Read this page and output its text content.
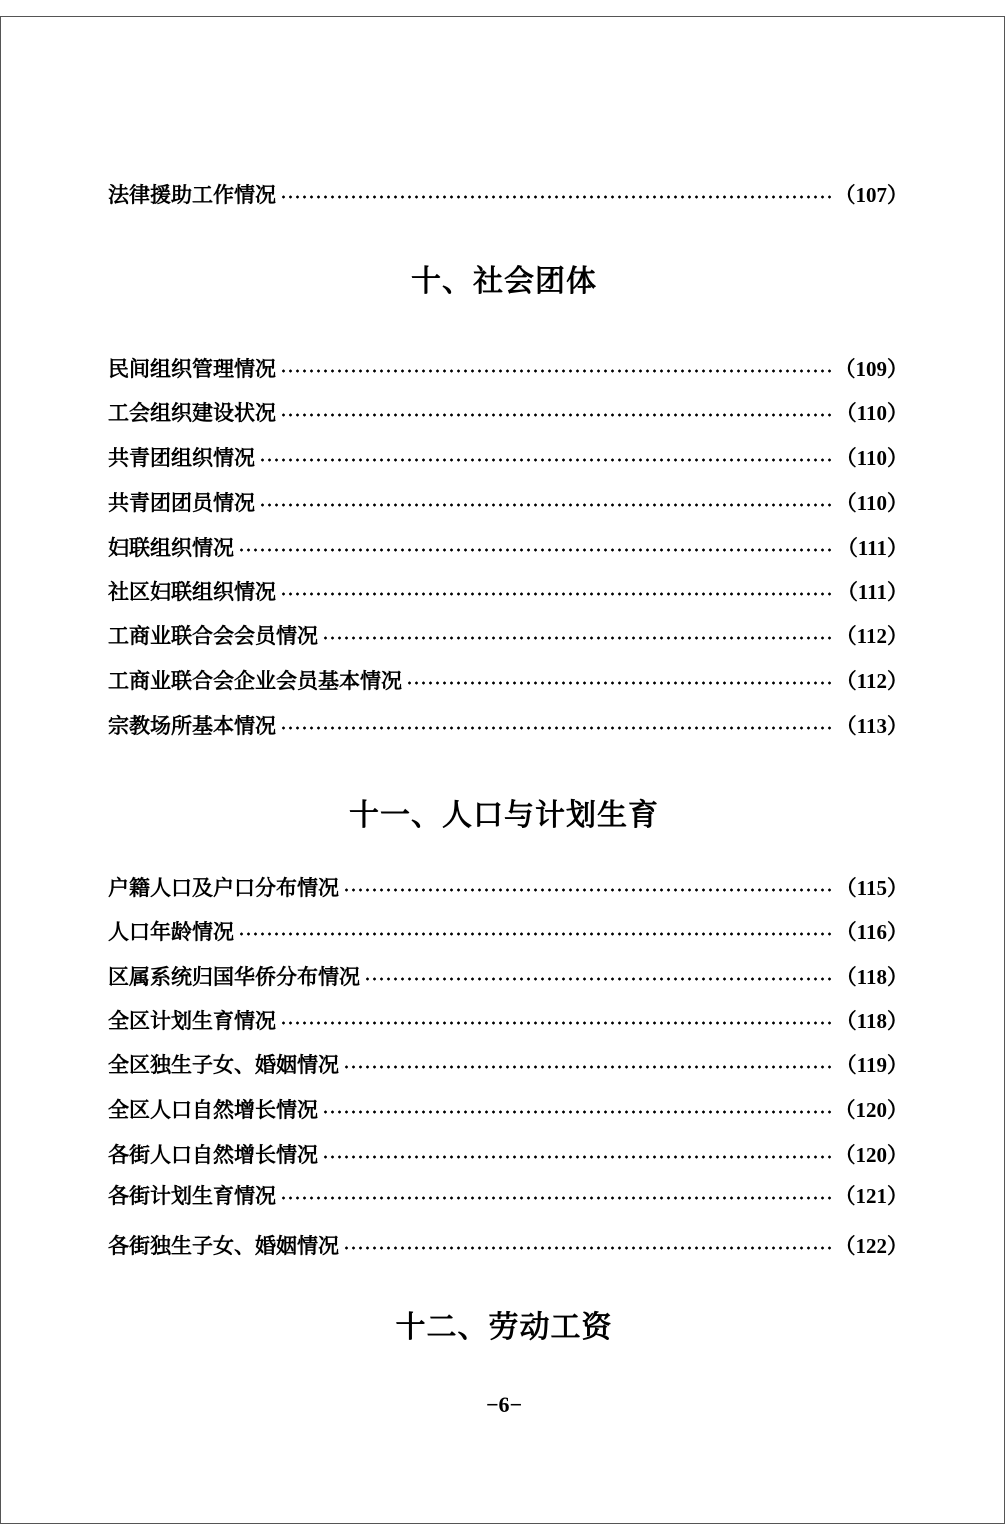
法律援助工作情况	（107）
十、社会团体
民间组织管理情况	（109）
工会组织建设状况	（110）
共青团组织情况	（110）
共青团团员情况	（110）
妇联组织情况	（111）
社区妇联组织情况	（111）
工商业联合会会员情况	（112）
工商业联合会企业会员基本情况	（112）
宗教场所基本情况	（113）
十一、人口与计划生育
户籍人口及户口分布情况	（115）
人口年龄情况	（116）
区属系统归国华侨分布情况	（118）
全区计划生育情况	（118）
全区独生子女、婚姻情况	（119）
全区人口自然增长情况	（120）
各街人口自然增长情况	（120）
各街计划生育情况	（121）
各街独生子女、婚姻情况	（122）
十二、劳动工资
−6−
